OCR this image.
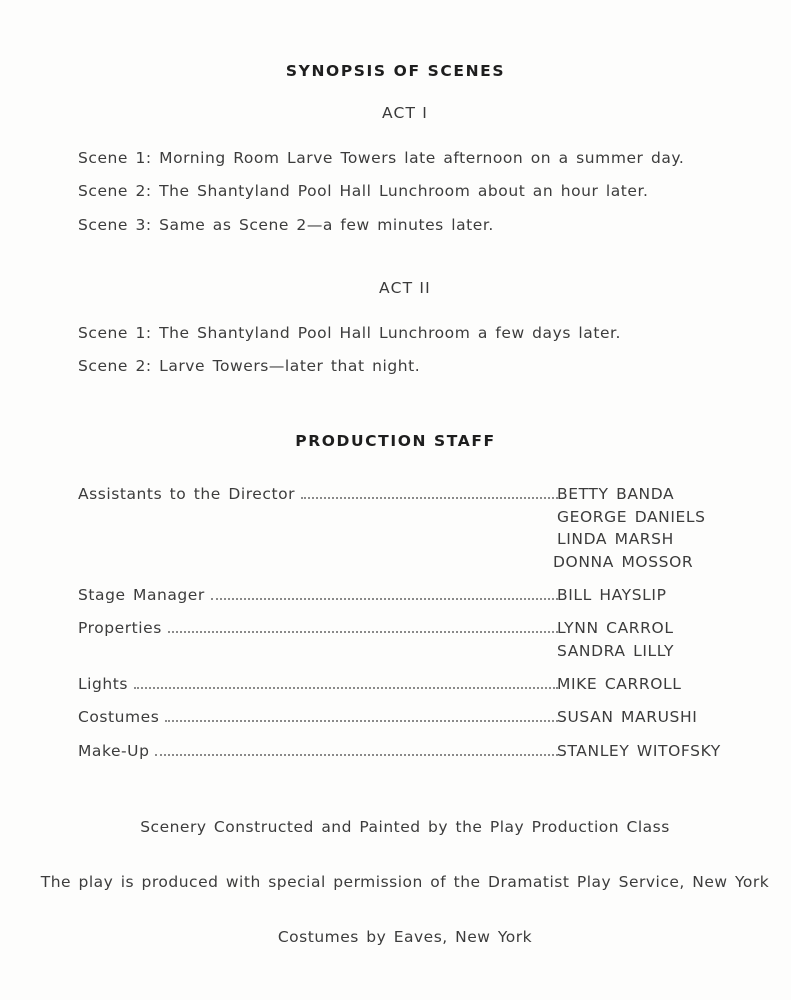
SYNOPSIS OF SCENES
ACT I
Scene 1: Morning Room Larve Towers late afternoon on a summer day.
Scene 2: The Shantyland Pool Hall Lunchroom about an hour later.
Scene 3: Same as Scene 2—a few minutes later.
ACT II
Scene 1: The Shantyland Pool Hall Lunchroom a few days later.
Scene 2: Larve Towers—later that night.
PRODUCTION STAFF
Assistants to the Director	BETTY BANDA
GEORGE DANIELS
LINDA MARSH
DONNA MOSSOR
Stage Manager	BILL HAYSLIP
Properties	LYNN CARROL
SANDRA LILLY
Lights	MIKE CARROLL
Costumes	SUSAN MARUSHI
Make-Up	STANLEY WITOFSKY
Scenery Constructed and Painted by the Play Production Class
The play is produced with special permission of the Dramatist Play Service, New York
Costumes by Eaves, New York
